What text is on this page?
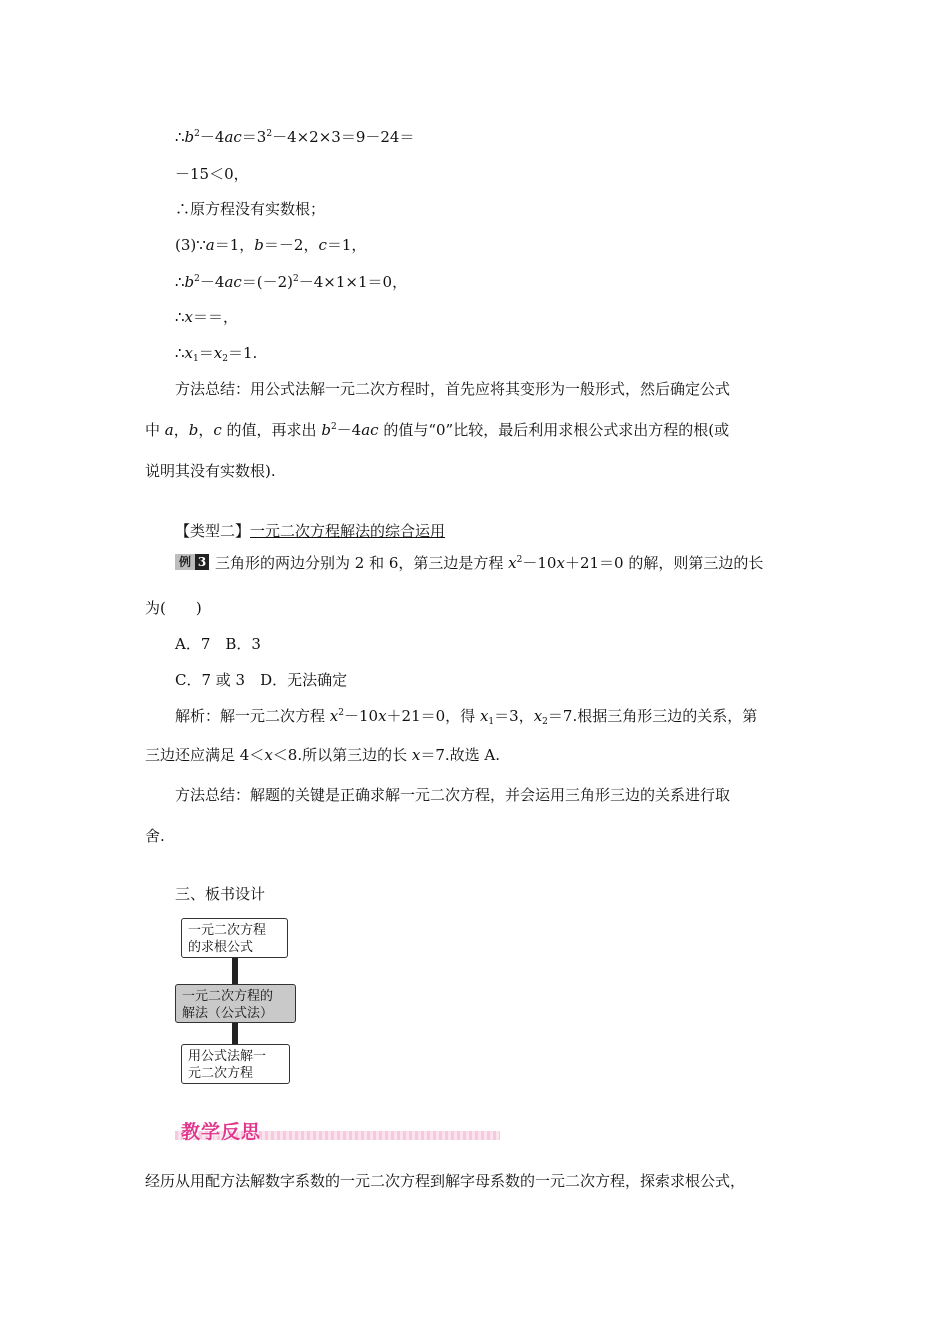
$\therefore b^2-4ac=3^2-4\times 2\times 3=9-24=$
－15＜0，
∴原方程没有实数根；
(3)∵a＝1，b＝－2，c＝1，
$\therefore b^2-4ac=(-2)^2-4\times 1\times 1=0$，
∴x＝＝，
$\therefore x_1=x_2=1$.
方法总结：用公式法解一元二次方程时，首先应将其变形为一般形式，然后确定公式
中 a，b，c 的值，再求出 $b^2-4ac$ 的值与“0”比较，最后利用求根公式求出方程的根(或
说明其没有实数根).
【类型二】一元二次方程解法的综合运用
例 3 三角形的两边分别为 2 和 6，第三边是方程 $x^2-10x+21=0$ 的解，则第三边的长
为(　　)
A．7　B．3
C．7 或 3　D．无法确定
解析：解一元二次方程 $x^2-10x+21=0$，得 $x_1=3$，$x_2=7$.根据三角形三边的关系，第
三边还应满足 4＜x＜8.所以第三边的长 x＝7.故选 A.
方法总结：解题的关键是正确求解一元二次方程，并会运用三角形三边的关系进行取
舍.
三、板书设计
一元二次方程
的求根公式
一元二次方程的
解法（公式法）
用公式法解一
元二次方程
教学反思
经历从用配方法解数字系数的一元二次方程到解字母系数的一元二次方程，探索求根公式，
